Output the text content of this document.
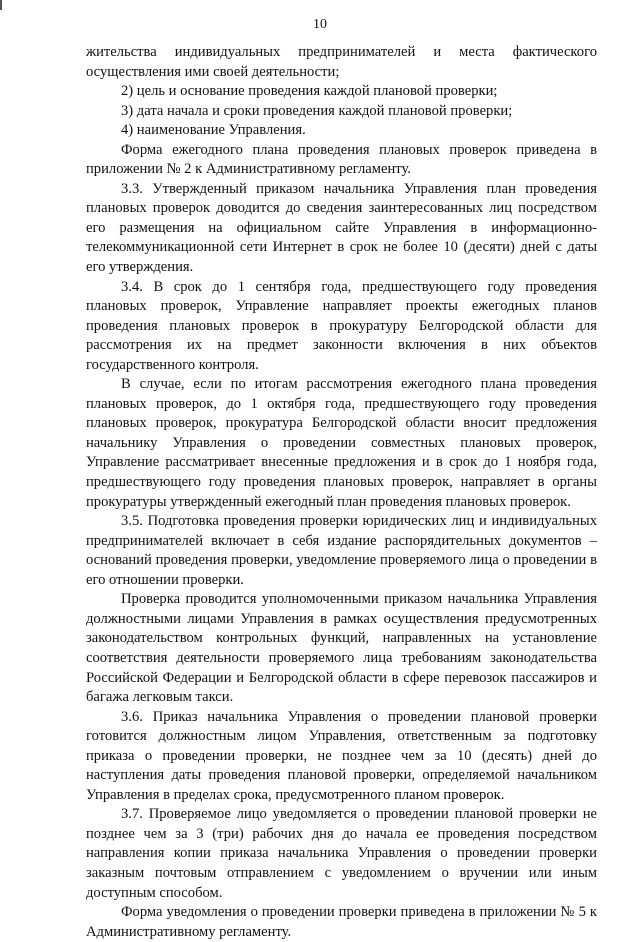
10

жительства индивидуальных предпринимателей и места фактического осуществления ими своей деятельности;

2) цель и основание проведения каждой плановой проверки;

3) дата начала и сроки проведения каждой плановой проверки;

4) наименование Управления.

Форма ежегодного плана проведения плановых проверок приведена в приложении № 2 к Административному регламенту.

3.3. Утвержденный приказом начальника Управления план проведения плановых проверок доводится до сведения заинтересованных лиц посредством его размещения на официальном сайте Управления в информационно-телекоммуникационной сети Интернет в срок не более 10 (десяти) дней с даты его утверждения.

3.4. В срок до 1 сентября года, предшествующего году проведения плановых проверок, Управление направляет проекты ежегодных планов проведения плановых проверок в прокуратуру Белгородской области для рассмотрения их на предмет законности включения в них объектов государственного контроля.

В случае, если по итогам рассмотрения ежегодного плана проведения плановых проверок, до 1 октября года, предшествующего году проведения плановых проверок, прокуратура Белгородской области вносит предложения начальнику Управления о проведении совместных плановых проверок, Управление рассматривает внесенные предложения и в срок до 1 ноября года, предшествующего году проведения плановых проверок, направляет в органы прокуратуры утвержденный ежегодный план проведения плановых проверок.

3.5. Подготовка проведения проверки юридических лиц и индивидуальных предпринимателей включает в себя издание распорядительных документов – оснований проведения проверки, уведомление проверяемого лица о проведении в его отношении проверки.

Проверка проводится уполномоченными приказом начальника Управления должностными лицами Управления в рамках осуществления предусмотренных законодательством контрольных функций, направленных на установление соответствия деятельности проверяемого лица требованиям законодательства Российской Федерации и Белгородской области в сфере перевозок пассажиров и багажа легковым такси.

3.6. Приказ начальника Управления о проведении плановой проверки готовится должностным лицом Управления, ответственным за подготовку приказа о проведении проверки, не позднее чем за 10 (десять) дней до наступления даты проведения плановой проверки, определяемой начальником Управления в пределах срока, предусмотренного планом проверок.

3.7. Проверяемое лицо уведомляется о проведении плановой проверки не позднее чем за 3 (три) рабочих дня до начала ее проведения посредством направления копии приказа начальника Управления о проведении проверки заказным почтовым отправлением с уведомлением о вручении или иным доступным способом.

Форма уведомления о проведении проверки приведена в приложении № 5 к Административному регламенту.
